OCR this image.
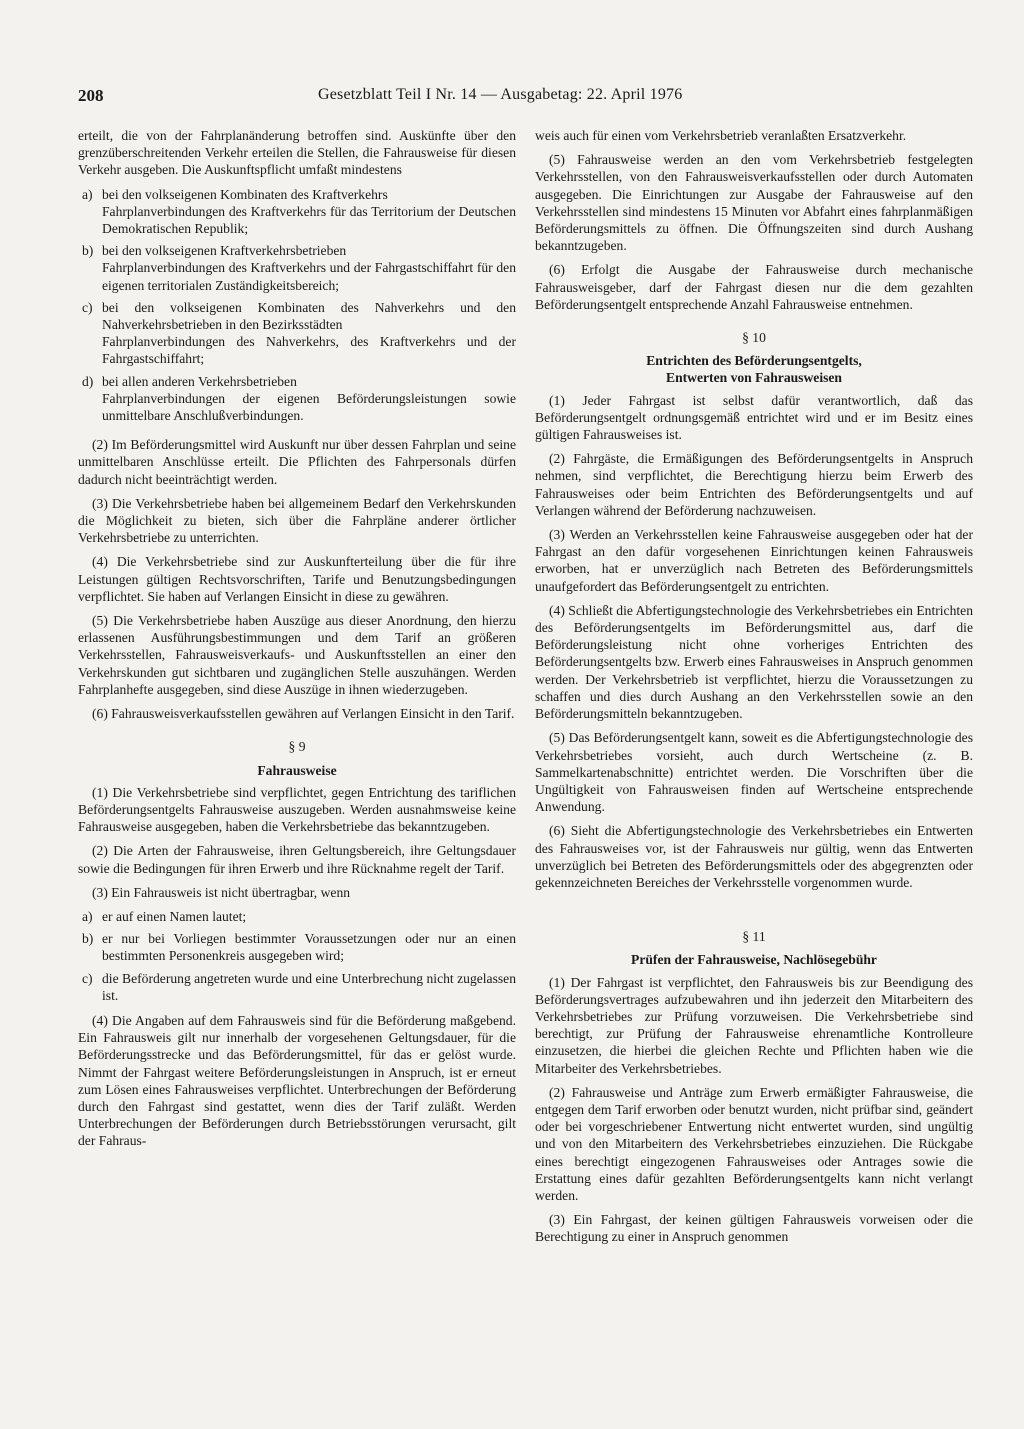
208	Gesetzblatt Teil I Nr. 14 — Ausgabetag: 22. April 1976

erteilt, die von der Fahrplanänderung betroffen sind. Auskünfte über den grenzüberschreitenden Verkehr erteilen die Stellen, die Fahrausweise für diesen Verkehr ausgeben. Die Auskunftspflicht umfaßt mindestens

a) bei den volkseigenen Kombinaten des Kraftverkehrs
Fahrplanverbindungen des Kraftverkehrs für das Territorium der Deutschen Demokratischen Republik;
b) bei den volkseigenen Kraftverkehrsbetrieben
Fahrplanverbindungen des Kraftverkehrs und der Fahrgastschiffahrt für den eigenen territorialen Zuständigkeitsbereich;
c) bei den volkseigenen Kombinaten des Nahverkehrs und den Nahverkehrsbetrieben in den Bezirksstädten
Fahrplanverbindungen des Nahverkehrs, des Kraftverkehrs und der Fahrgastschiffahrt;
d) bei allen anderen Verkehrsbetrieben
Fahrplanverbindungen der eigenen Beförderungsleistungen sowie unmittelbare Anschlußverbindungen.

(2) Im Beförderungsmittel wird Auskunft nur über dessen Fahrplan und seine unmittelbaren Anschlüsse erteilt. Die Pflichten des Fahrpersonals dürfen dadurch nicht beeinträchtigt werden.

(3) Die Verkehrsbetriebe haben bei allgemeinem Bedarf den Verkehrskunden die Möglichkeit zu bieten, sich über die Fahrpläne anderer örtlicher Verkehrsbetriebe zu unterrichten.

(4) Die Verkehrsbetriebe sind zur Auskunfterteilung über die für ihre Leistungen gültigen Rechtsvorschriften, Tarife und Benutzungsbedingungen verpflichtet. Sie haben auf Verlangen Einsicht in diese zu gewähren.

(5) Die Verkehrsbetriebe haben Auszüge aus dieser Anordnung, den hierzu erlassenen Ausführungsbestimmungen und dem Tarif an größeren Verkehrsstellen, Fahrausweisverkaufs- und Auskunftsstellen an einer den Verkehrskunden gut sichtbaren und zugänglichen Stelle auszuhängen. Werden Fahrplanhefte ausgegeben, sind diese Auszüge in ihnen wiederzugeben.

(6) Fahrausweisverkaufsstellen gewähren auf Verlangen Einsicht in den Tarif.

§ 9
Fahrausweise

(1) Die Verkehrsbetriebe sind verpflichtet, gegen Entrichtung des tariflichen Beförderungsentgelts Fahrausweise auszugeben. Werden ausnahmsweise keine Fahrausweise ausgegeben, haben die Verkehrsbetriebe das bekanntzugeben.

(2) Die Arten der Fahrausweise, ihren Geltungsbereich, ihre Geltungsdauer sowie die Bedingungen für ihren Erwerb und ihre Rücknahme regelt der Tarif.

(3) Ein Fahrausweis ist nicht übertragbar, wenn

a) er auf einen Namen lautet;
b) er nur bei Vorliegen bestimmter Voraussetzungen oder nur an einen bestimmten Personenkreis ausgegeben wird;
c) die Beförderung angetreten wurde und eine Unterbrechung nicht zugelassen ist.

(4) Die Angaben auf dem Fahrausweis sind für die Beförderung maßgebend. Ein Fahrausweis gilt nur innerhalb der vorgesehenen Geltungsdauer, für die Beförderungsstrecke und das Beförderungsmittel, für das er gelöst wurde. Nimmt der Fahrgast weitere Beförderungsleistungen in Anspruch, ist er erneut zum Lösen eines Fahrausweises verpflichtet. Unterbrechungen der Beförderung durch den Fahrgast sind gestattet, wenn dies der Tarif zuläßt. Werden Unterbrechungen der Beförderungen durch Betriebsstörungen verursacht, gilt der Fahraus-

weis auch für einen vom Verkehrsbetrieb veranlaßten Ersatzverkehr.

(5) Fahrausweise werden an den vom Verkehrsbetrieb festgelegten Verkehrsstellen, von den Fahrausweisverkaufsstellen oder durch Automaten ausgegeben. Die Einrichtungen zur Ausgabe der Fahrausweise auf den Verkehrsstellen sind mindestens 15 Minuten vor Abfahrt eines fahrplanmäßigen Beförderungsmittels zu öffnen. Die Öffnungszeiten sind durch Aushang bekanntzugeben.

(6) Erfolgt die Ausgabe der Fahrausweise durch mechanische Fahrausweisgeber, darf der Fahrgast diesen nur die dem gezahlten Beförderungsentgelt entsprechende Anzahl Fahrausweise entnehmen.

§ 10
Entrichten des Beförderungsentgelts,
Entwerten von Fahrausweisen

(1) Jeder Fahrgast ist selbst dafür verantwortlich, daß das Beförderungsentgelt ordnungsgemäß entrichtet wird und er im Besitz eines gültigen Fahrausweises ist.

(2) Fahrgäste, die Ermäßigungen des Beförderungsentgelts in Anspruch nehmen, sind verpflichtet, die Berechtigung hierzu beim Erwerb des Fahrausweises oder beim Entrichten des Beförderungsentgelts und auf Verlangen während der Beförderung nachzuweisen.

(3) Werden an Verkehrsstellen keine Fahrausweise ausgegeben oder hat der Fahrgast an den dafür vorgesehenen Einrichtungen keinen Fahrausweis erworben, hat er unverzüglich nach Betreten des Beförderungsmittels unaufgefordert das Beförderungsentgelt zu entrichten.

(4) Schließt die Abfertigungstechnologie des Verkehrsbetriebes ein Entrichten des Beförderungsentgelts im Beförderungsmittel aus, darf die Beförderungsleistung nicht ohne vorheriges Entrichten des Beförderungsentgelts bzw. Erwerb eines Fahrausweises in Anspruch genommen werden. Der Verkehrsbetrieb ist verpflichtet, hierzu die Voraussetzungen zu schaffen und dies durch Aushang an den Verkehrsstellen sowie an den Beförderungsmitteln bekanntzugeben.

(5) Das Beförderungsentgelt kann, soweit es die Abfertigungstechnologie des Verkehrsbetriebes vorsieht, auch durch Wertscheine (z. B. Sammelkartenabschnitte) entrichtet werden. Die Vorschriften über die Ungültigkeit von Fahrausweisen finden auf Wertscheine entsprechende Anwendung.

(6) Sieht die Abfertigungstechnologie des Verkehrsbetriebes ein Entwerten des Fahrausweises vor, ist der Fahrausweis nur gültig, wenn das Entwerten unverzüglich bei Betreten des Beförderungsmittels oder des abgegrenzten oder gekennzeichneten Bereiches der Verkehrsstelle vorgenommen wurde.

§ 11
Prüfen der Fahrausweise, Nachlösegebühr

(1) Der Fahrgast ist verpflichtet, den Fahrausweis bis zur Beendigung des Beförderungsvertrages aufzubewahren und ihn jederzeit den Mitarbeitern des Verkehrsbetriebes zur Prüfung vorzuweisen. Die Verkehrsbetriebe sind berechtigt, zur Prüfung der Fahrausweise ehrenamtliche Kontrolleure einzusetzen, die hierbei die gleichen Rechte und Pflichten haben wie die Mitarbeiter des Verkehrsbetriebes.

(2) Fahrausweise und Anträge zum Erwerb ermäßigter Fahrausweise, die entgegen dem Tarif erworben oder benutzt wurden, nicht prüfbar sind, geändert oder bei vorgeschriebener Entwertung nicht entwertet wurden, sind ungültig und von den Mitarbeitern des Verkehrsbetriebes einzuziehen. Die Rückgabe eines berechtigt eingezogenen Fahrausweises oder Antrages sowie die Erstattung eines dafür gezahlten Beförderungsentgelts kann nicht verlangt werden.

(3) Ein Fahrgast, der keinen gültigen Fahrausweis vorweisen oder die Berechtigung zu einer in Anspruch genommen
